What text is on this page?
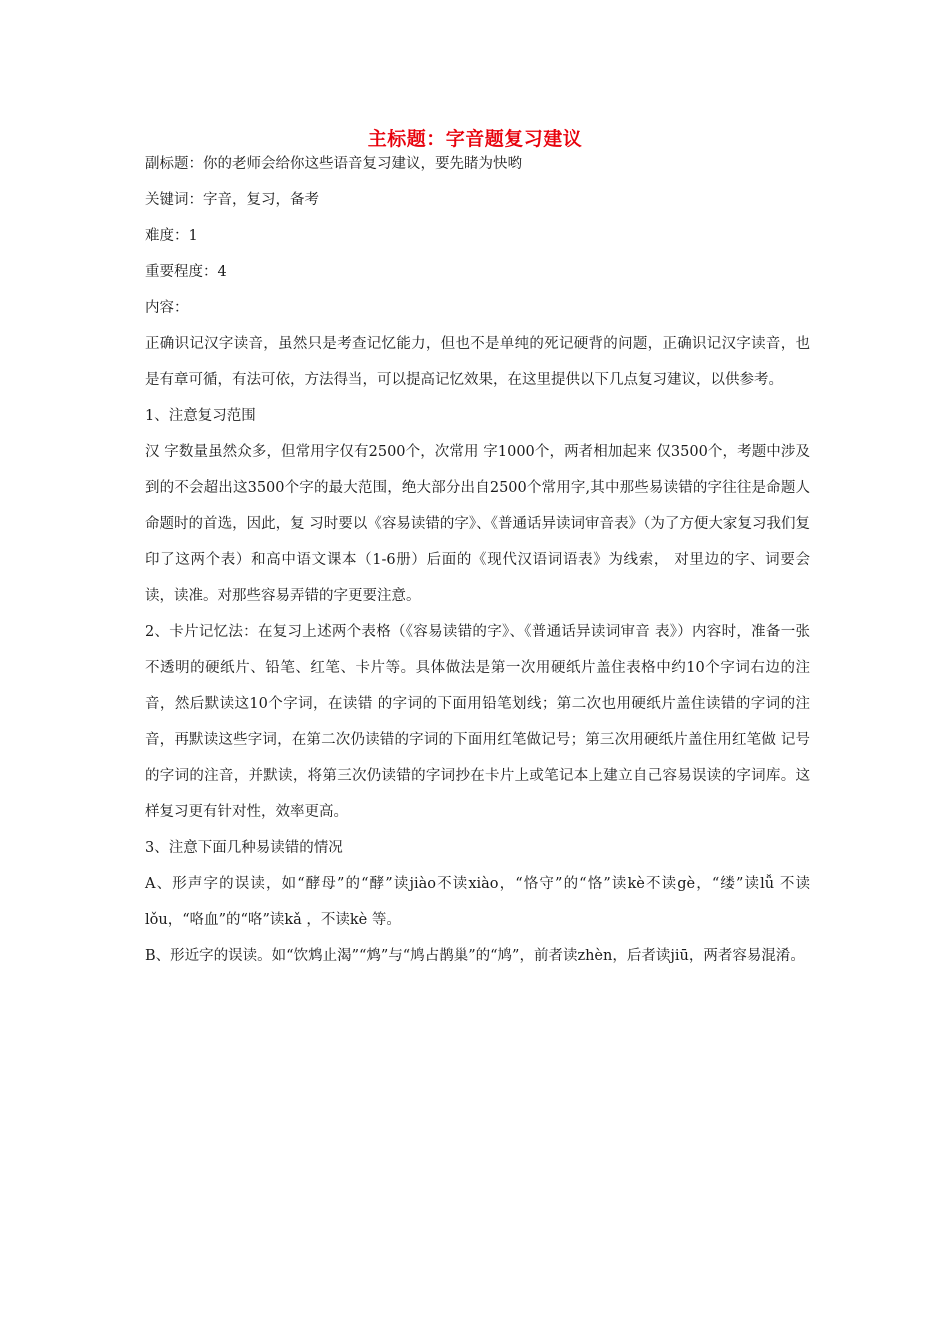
主标题：字音题复习建议

副标题：你的老师会给你这些语音复习建议，要先睹为快哟

关键词：字音，复习，备考

难度：1

重要程度：4

内容：

正确识记汉字读音，虽然只是考查记忆能力，但也不是单纯的死记硬背的问题，正确识记汉字读音，也是有章可循，有法可依，方法得当，可以提高记忆效果，在这里提供以下几点复习建议，以供参考。

1、注意复习范围

汉 字数量虽然众多，但常用字仅有2500个，次常用 字1000个，两者相加起来 仅3500个，考题中涉及到的不会超出这3500个字的最大范围，绝大部分出自2500个常用字,其中那些易读错的字往往是命题人命题时的首选，因此，复 习时要以《容易读错的字》、《普通话异读词审音表》（为了方便大家复习我们复印了这两个表）和高中语文课本（1-6册）后面的《现代汉语词语表》为线索， 对里边的字、词要会读，读准。对那些容易弄错的字更要注意。

2、卡片记忆法：在复习上述两个表格（《容易读错的字》、《普通话异读词审音 表》）内容时，准备一张不透明的硬纸片、铅笔、红笔、卡片等。具体做法是第一次用硬纸片盖住表格中约10个字词右边的注音，然后默读这10个字词，在读错 的字词的下面用铅笔划线；第二次也用硬纸片盖住读错的字词的注音，再默读这些字词，在第二次仍读错的字词的下面用红笔做记号；第三次用硬纸片盖住用红笔做 记号的字词的注音，并默读，将第三次仍读错的字词抄在卡片上或笔记本上建立自己容易误读的字词库。这样复习更有针对性，效率更高。

3、注意下面几种易读错的情况

A、形声字的误读，如“酵母”的“酵”读jiào不读xiào，“恪守”的“恪”读kè不读gè，“缕”读lǚ 不读lǒu，“咯血”的“咯”读kǎ ，不读kè 等。

B、形近字的误读。如“饮鸩止渴”“鸩”与“鸠占鹊巢”的“鸠”，前者读zhèn，后者读jiū，两者容易混淆。
